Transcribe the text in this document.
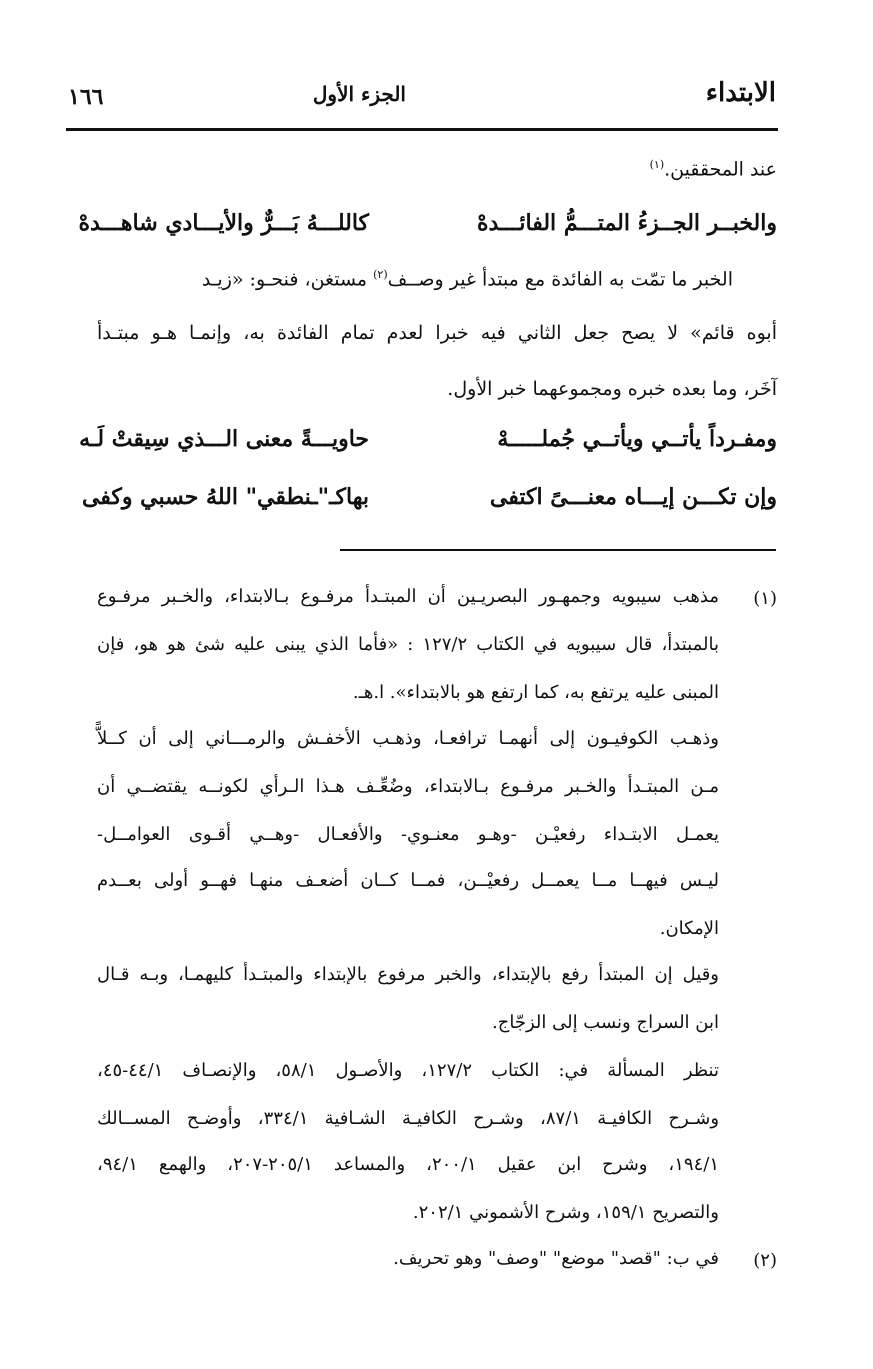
الابتداء
الجزء الأول
١٦٦
عند المحققين.$^{(١)}$
والخبــر الجــزءُ المتـــمُّ الفائـــدهْ
كاللـــهُ بَـــرٌّ والأيـــادي شاهـــدهْ
الخبر ما تمّت به الفائدة مع مبتدأ غير وصــف$^{(٢)}$ مستغن، فنحـو: «زيـد
أبوه قائم» لا يصح جعل الثاني فيه خبرا لعدم تمام الفائدة به، وإنمـا هـو مبتـدأ
آخَر، وما بعده خبره ومجموعهما خبر الأول.
ومفـرداً يأتــي ويأتــي جُملـــــهْ
حاويـــةً معنى الـــذي سِيقتْ لَـه
وإن تكـــن إيـــاه معنـــىً اكتفى
بهاكـ"ـنطقي" اللهُ حسبي وكفى
(١)
مذهب سيبويه وجمهـور البصريـين أن المبتـدأ مرفـوع بـالابتداء، والخـبر مرفـوع
بالمبتدأ، قال سيبويه في الكتاب ١٢٧/٢ : «فأما الذي يبنى عليه شئ هو هو، فإن
المبنى عليه يرتفع به، كما ارتفع هو بالابتداء». ا.هـ.
وذهـب الكوفيـون إلى أنهمـا ترافعـا، وذهـب الأخفـش والرمـــاني إلى أن كــلاًّ
مـن المبتـدأ والخـبر مرفـوع بـالابتداء، وضُعِّـف هـذا الـرأي لكونــه يقتضــي أن
يعمـل الابتـداء رفعيْـن -وهـو معنـوي- والأفعـال -وهــي أقـوى العوامــل-
ليـس فيهــا مــا يعمــل رفعيْــن، فمــا كــان أضعـف منهـا فهــو أولى بعــدم
الإمكان.
وقيل إن المبتدأ رفع بالإبتداء، والخبر مرفوع بالإبتداء والمبتـدأ كليهمـا، وبـه قـال
ابن السراج ونسب إلى الزجّاج.
تنظر المسألة في: الكتاب ١٢٧/٢، والأصـول ٥٨/١، والإنصـاف ٤٤/١-٤٥،
وشـرح الكافيـة ٨٧/١، وشـرح الكافيـة الشـافية ٣٣٤/١، وأوضـح المســالك
١٩٤/١، وشرح ابن عقيل ٢٠٠/١، والمساعد ٢٠٥/١-٢٠٧، والهمع ٩٤/١،
والتصريح ١٥٩/١، وشرح الأشموني ٢٠٢/١.
(٢)
في ب: "قصد" موضع" "وصف" وهو تحريف.
